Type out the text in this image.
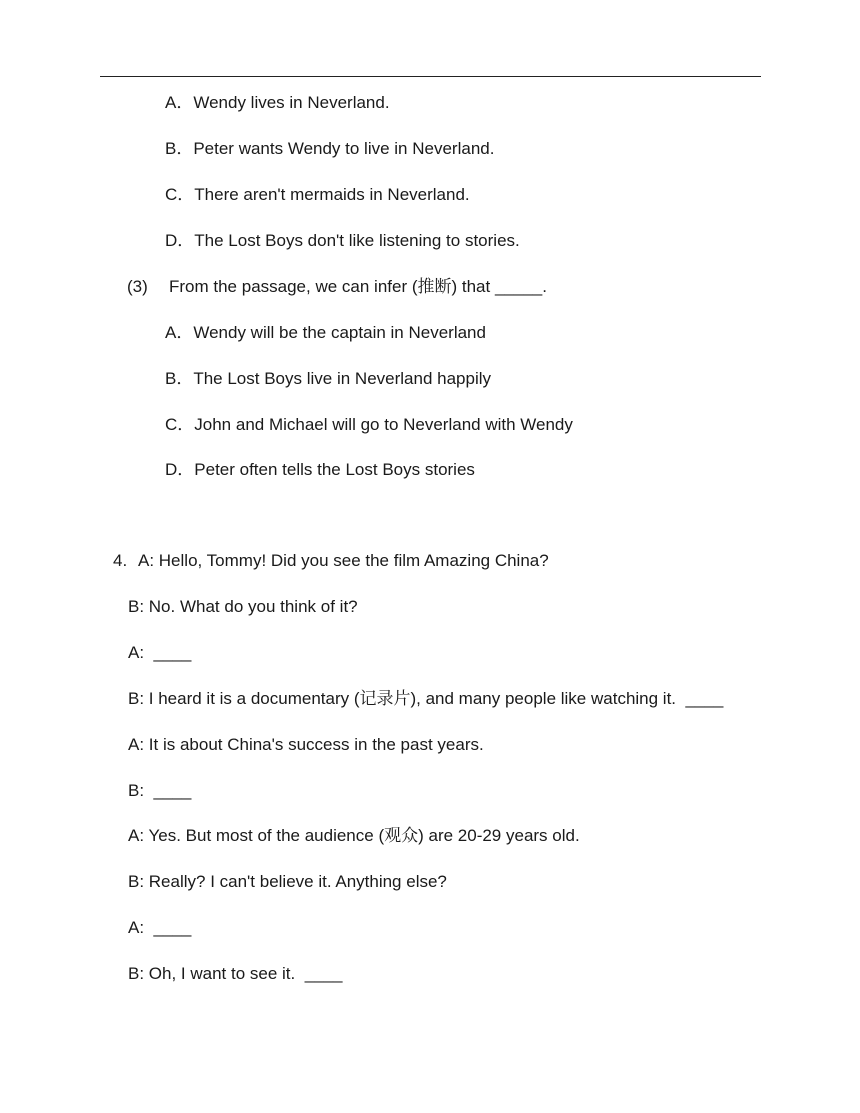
A．Wendy lives in Neverland.
B．Peter wants Wendy to live in Neverland.
C．There aren't mermaids in Neverland.
D．The Lost Boys don't like listening to stories.
(3) From the passage, we can infer (推断) that _____.
A．Wendy will be the captain in Neverland
B．The Lost Boys live in Neverland happily
C．John and Michael will go to Neverland with Wendy
D．Peter often tells the Lost Boys stories
4. A: Hello, Tommy! Did you see the film Amazing China?
B: No. What do you think of it?
A:  ____
B: I heard it is a documentary (记录片), and many people like watching it.  ____
A: It is about China's success in the past years.
B:  ____
A: Yes. But most of the audience (观众) are 20-29 years old.
B: Really? I can't believe it. Anything else?
A:  ____
B: Oh, I want to see it.  ____
